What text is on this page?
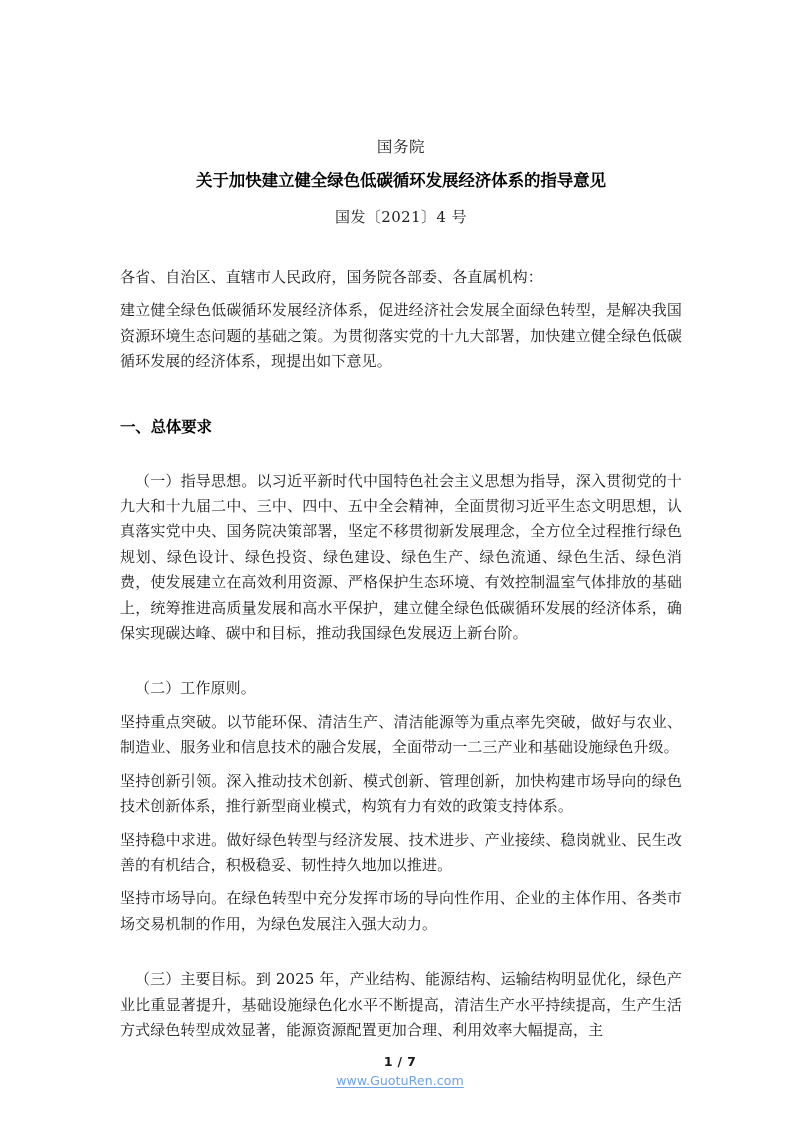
国务院
关于加快建立健全绿色低碳循环发展经济体系的指导意见
国发〔2021〕4 号

各省、自治区、直辖市人民政府，国务院各部委、各直属机构：

建立健全绿色低碳循环发展经济体系，促进经济社会发展全面绿色转型，是解决我国资源环境生态问题的基础之策。为贯彻落实党的十九大部署，加快建立健全绿色低碳循环发展的经济体系，现提出如下意见。

一、总体要求

（一）指导思想。以习近平新时代中国特色社会主义思想为指导，深入贯彻党的十九大和十九届二中、三中、四中、五中全会精神，全面贯彻习近平生态文明思想，认真落实党中央、国务院决策部署，坚定不移贯彻新发展理念，全方位全过程推行绿色规划、绿色设计、绿色投资、绿色建设、绿色生产、绿色流通、绿色生活、绿色消费，使发展建立在高效利用资源、严格保护生态环境、有效控制温室气体排放的基础上，统筹推进高质量发展和高水平保护，建立健全绿色低碳循环发展的经济体系，确保实现碳达峰、碳中和目标，推动我国绿色发展迈上新台阶。

（二）工作原则。

坚持重点突破。以节能环保、清洁生产、清洁能源等为重点率先突破，做好与农业、制造业、服务业和信息技术的融合发展，全面带动一二三产业和基础设施绿色升级。

坚持创新引领。深入推动技术创新、模式创新、管理创新，加快构建市场导向的绿色技术创新体系，推行新型商业模式，构筑有力有效的政策支持体系。

坚持稳中求进。做好绿色转型与经济发展、技术进步、产业接续、稳岗就业、民生改善的有机结合，积极稳妥、韧性持久地加以推进。

坚持市场导向。在绿色转型中充分发挥市场的导向性作用、企业的主体作用、各类市场交易机制的作用，为绿色发展注入强大动力。

（三）主要目标。到 2025 年，产业结构、能源结构、运输结构明显优化，绿色产业比重显著提升，基础设施绿色化水平不断提高，清洁生产水平持续提高，生产生活方式绿色转型成效显著，能源资源配置更加合理、利用效率大幅提高，主

1 / 7
www.GuotuRen.com
